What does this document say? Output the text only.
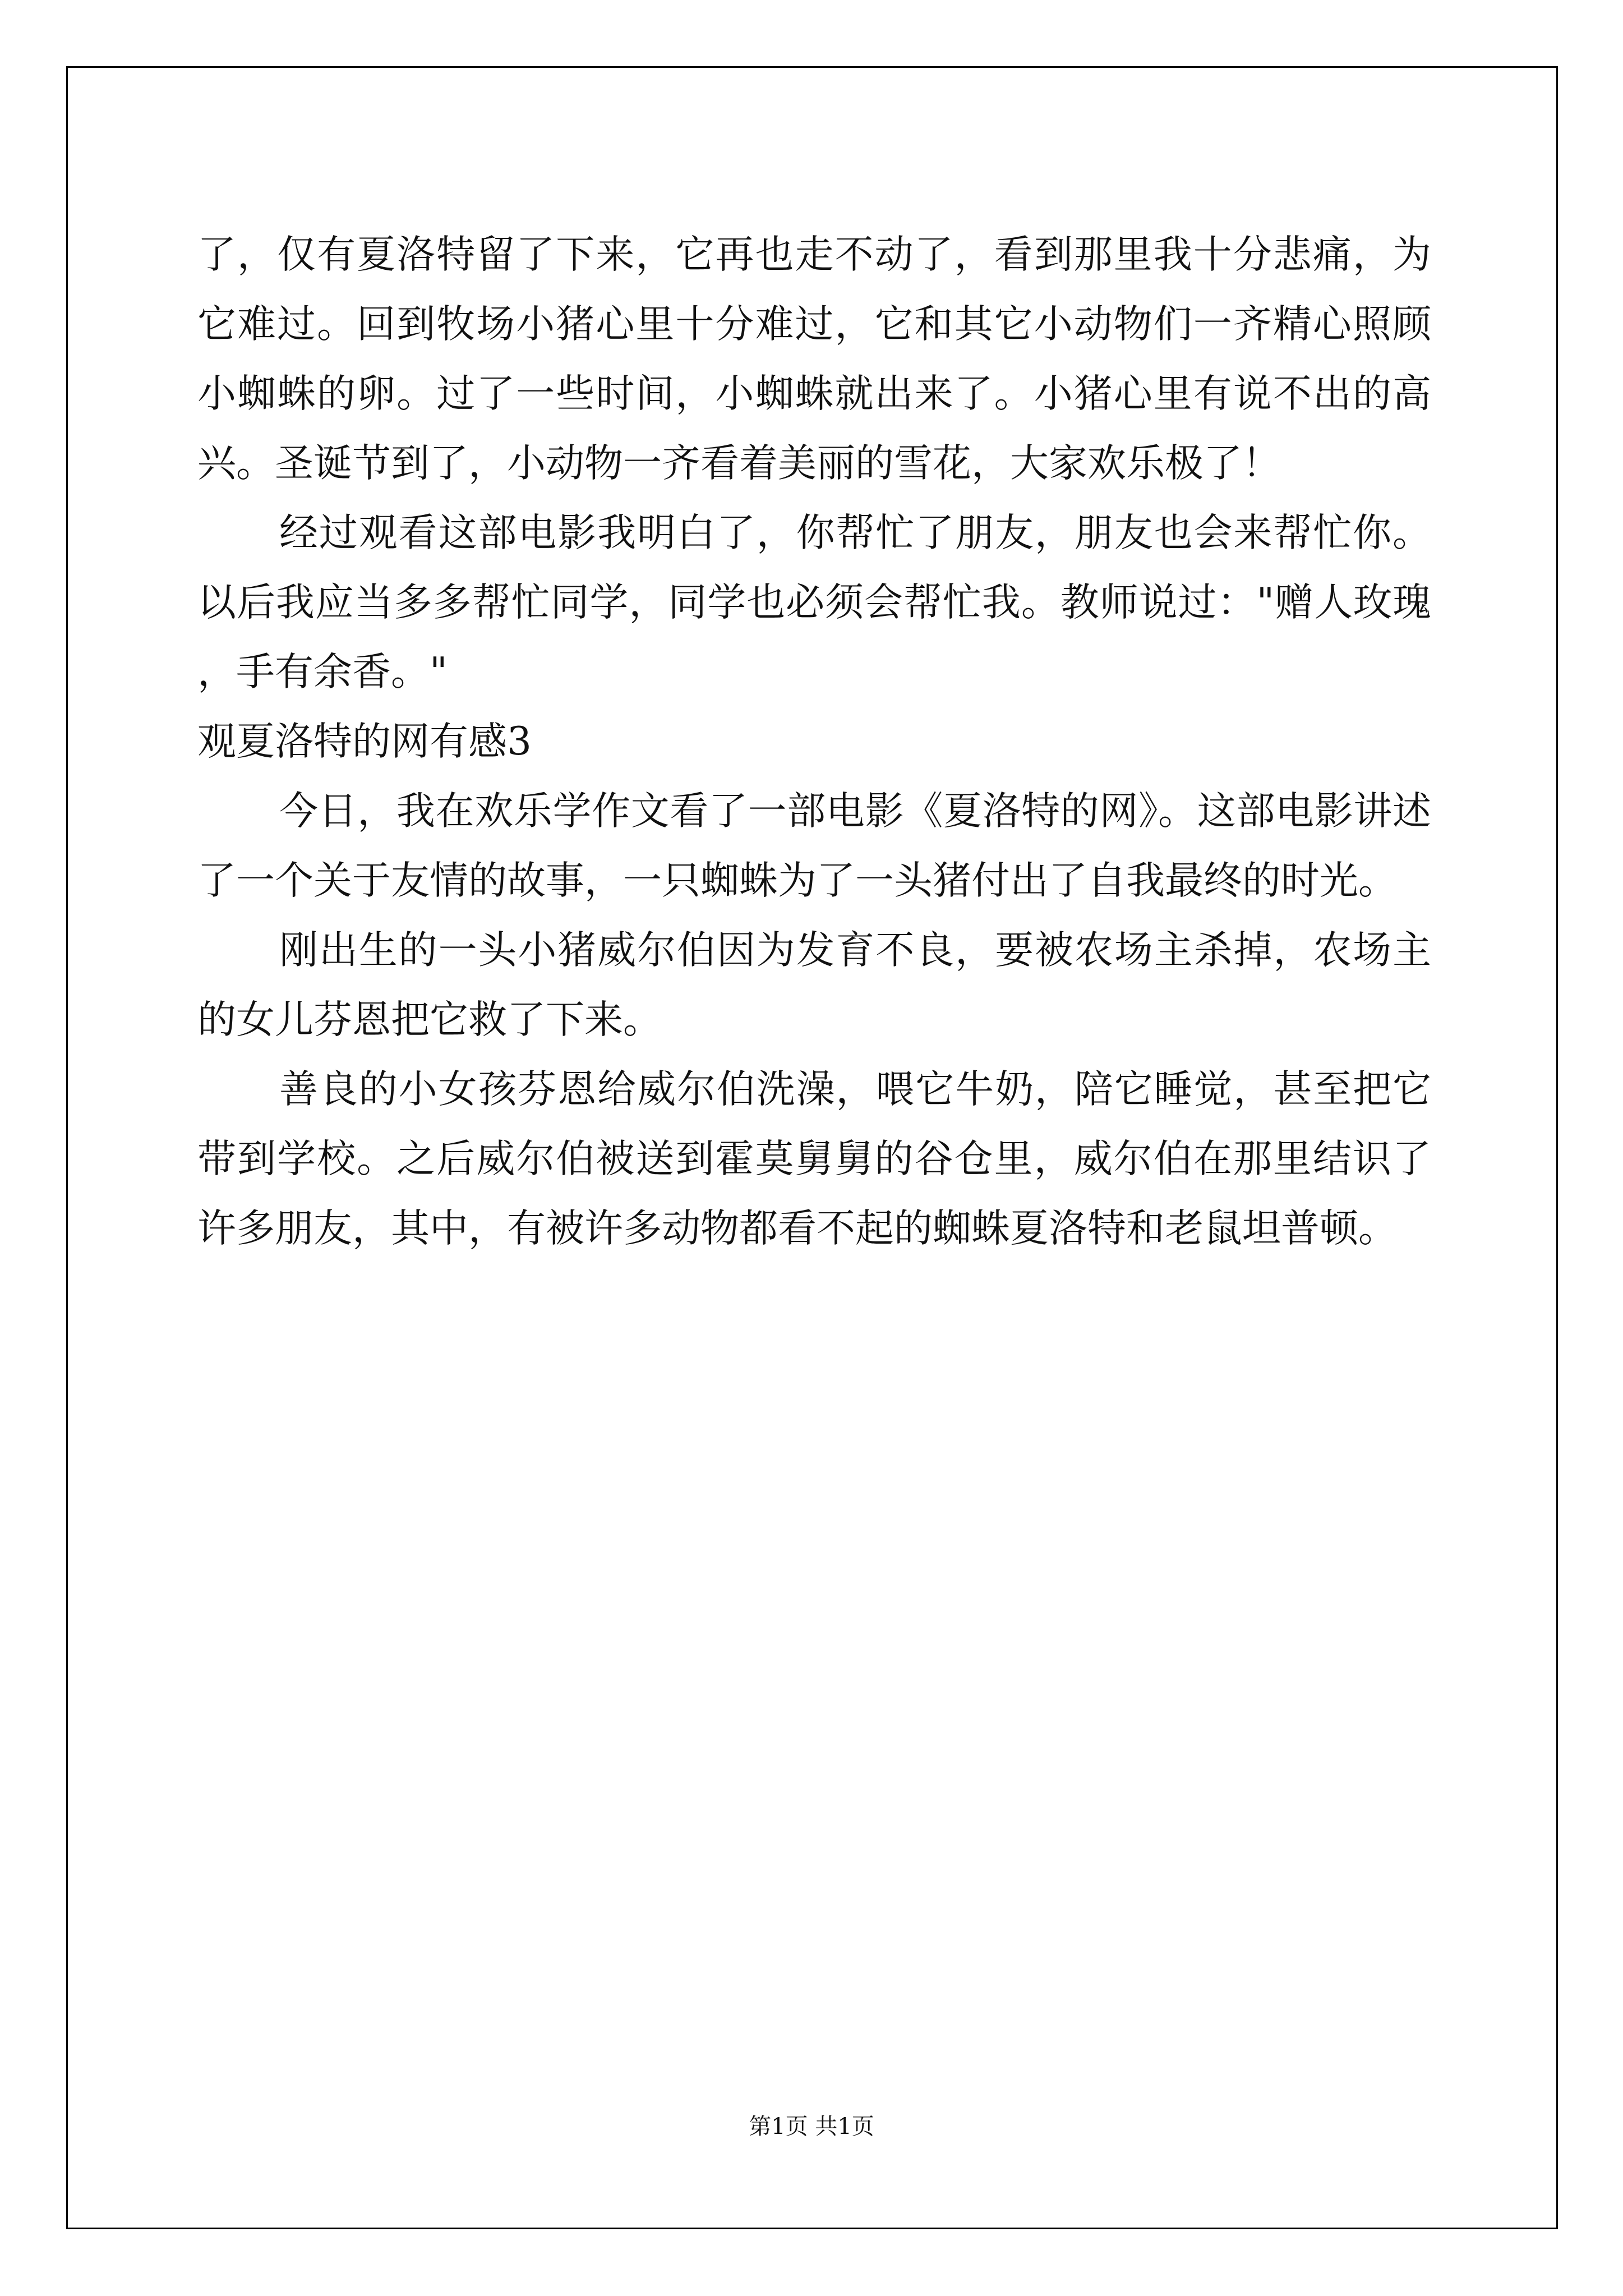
了，仅有夏洛特留了下来，它再也走不动了，看到那里我十分悲痛，为它难过。回到牧场小猪心里十分难过，它和其它小动物们一齐精心照顾小蜘蛛的卵。过了一些时间，小蜘蛛就出来了。小猪心里有说不出的高兴。圣诞节到了，小动物一齐看着美丽的雪花，大家欢乐极了！

经过观看这部电影我明白了，你帮忙了朋友，朋友也会来帮忙你。以后我应当多多帮忙同学，同学也必须会帮忙我。教师说过："赠人玫瑰，手有余香。"

观夏洛特的网有感3

今日，我在欢乐学作文看了一部电影《夏洛特的网》。这部电影讲述了一个关于友情的故事，一只蜘蛛为了一头猪付出了自我最终的时光。

刚出生的一头小猪威尔伯因为发育不良，要被农场主杀掉，农场主的女儿芬恩把它救了下来。

善良的小女孩芬恩给威尔伯洗澡，喂它牛奶，陪它睡觉，甚至把它带到学校。之后威尔伯被送到霍莫舅舅的谷仓里，威尔伯在那里结识了许多朋友，其中，有被许多动物都看不起的蜘蛛夏洛特和老鼠坦普顿。

第1页 共1页
